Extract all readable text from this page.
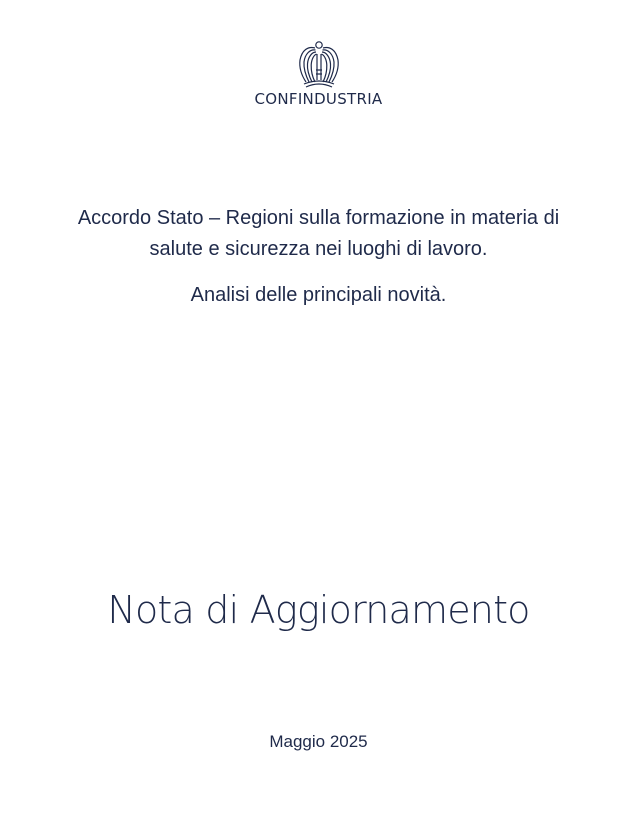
CONFINDUSTRIA
Accordo Stato – Regioni sulla formazione in materia di
salute e sicurezza nei luoghi di lavoro.
Analisi delle principali novità.
Nota di Aggiornamento
Maggio 2025
